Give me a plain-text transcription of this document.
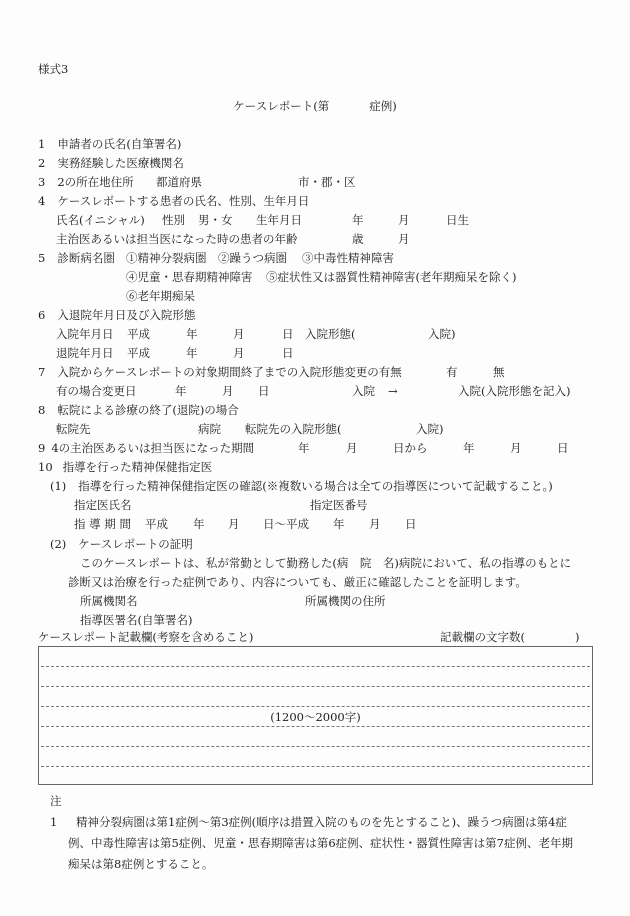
様式3
ケースレポート(第	症例)
1 申請者の氏名(自筆署名)
2 実務経験した医療機関名
3 2の所在地住所 都道府県	市・郡・区
4 ケースレポートする患者の氏名、性別、生年月日
氏名(イニシャル) 性別 男・女 生年月日	年	月	日生
主治医あるいは担当医になった時の患者の年齢	歳	月
5 診断病名圏 ①精神分裂病圏 ②躁うつ病圏 ③中毒性精神障害
④児童・思春期精神障害 ⑤症状性又は器質性精神障害(老年期痴呆を除く)
⑥老年期痴呆
6 入退院年月日及び入院形態
入院年月日 平成	年	月	日 入院形態(	入院)
退院年月日 平成	年	月	日
7 入院からケースレポートの対象期間終了までの入院形態変更の有無	有	無
有の場合変更日	年	月 日	入院 →	入院(入院形態を記入)
8 転院による診療の終了(退院)の場合
転院先	病院 転院先の入院形態(	入院)
9 4の主治医あるいは担当医になった期間	年	月	日から	年	月	日
10 指導を行った精神保健指定医
(1) 指導を行った精神保健指定医の確認(※複数いる場合は全ての指導医について記載すること。)
指定医氏名	指定医番号
指 導 期 間 平成 年 月 日～平成 年 月 日
(2) ケースレポートの証明
このケースレポートは、私が常勤として勤務した(病　院　名)病院において、私の指導のもとに
診断又は治療を行った症例であり、内容についても、厳正に確認したことを証明します。
所属機関名	所属機関の住所
指導医署名(自筆署名)
ケースレポート記載欄(考察を含めること)	記載欄の文字数(	)
(1200～2000字)
注1 精神分裂病圏は第1症例～第3症例(順序は措置入院のものを先とすること)、躁うつ病圏は第4症
例、中毒性障害は第5症例、児童・思春期障害は第6症例、症状性・器質性障害は第7症例、老年期
痴呆は第8症例とすること。
